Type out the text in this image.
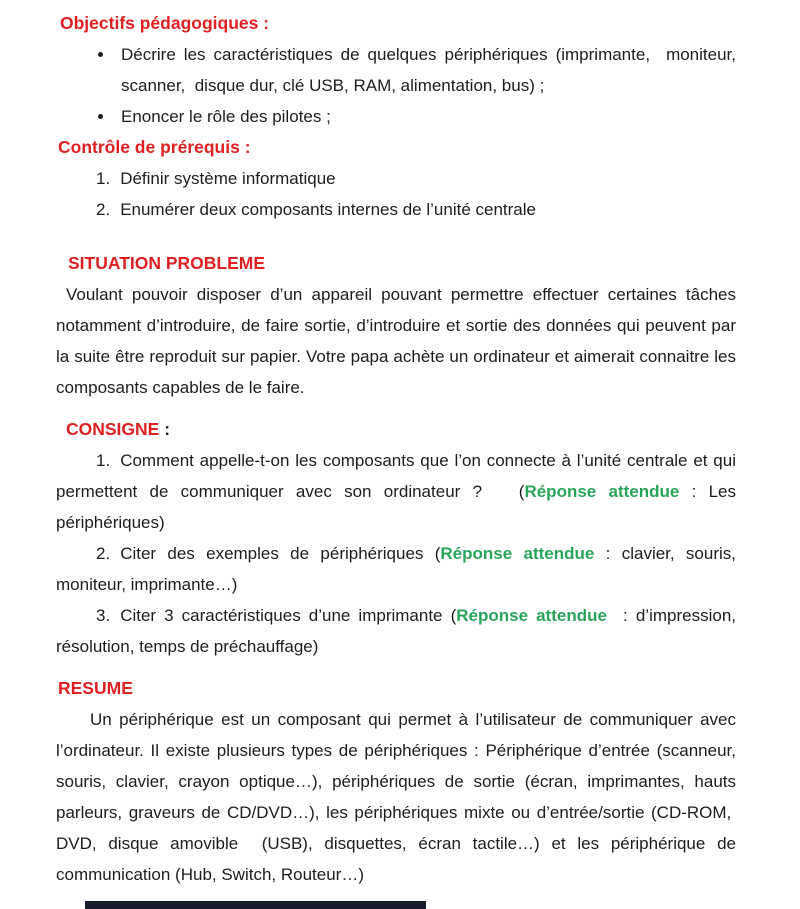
Objectifs pédagogiques :
• Décrire les caractéristiques de quelques périphériques (imprimante,  moniteur, scanner,  disque dur, clé USB, RAM, alimentation, bus) ;
• Enoncer le rôle des pilotes ;
Contrôle de prérequis :

1. Définir système informatique

2. Enumérer deux composants internes de l’unité centrale

SITUATION PROBLEME

Voulant pouvoir disposer d’un appareil pouvant permettre effectuer certaines tâches notamment d’introduire, de faire sortie, d’introduire et sortie des données qui peuvent par la suite être reproduit sur papier. Votre papa achète un ordinateur et aimerait connaitre les composants capables de le faire.

CONSIGNE :

1. Comment appelle-t-on les composants que l’on connecte à l’unité centrale et qui permettent de communiquer avec son ordinateur ?   (Réponse attendue : Les périphériques)

2. Citer des exemples de périphériques (Réponse attendue : clavier, souris, moniteur, imprimante…)

3. Citer 3 caractéristiques d’une imprimante (Réponse attendue  : d’impression, résolution, temps de préchauffage)

RESUME

Un périphérique est un composant qui permet à l’utilisateur de communiquer avec l’ordinateur. Il existe plusieurs types de périphériques : Périphérique d’entrée (scanneur, souris, clavier, crayon optique…), périphériques de sortie (écran, imprimantes, hauts parleurs, graveurs de CD/DVD…), les périphériques mixte ou d’entrée/sortie (CD-ROM,  DVD, disque amovible  (USB), disquettes, écran tactile…) et les périphérique de communication (Hub, Switch, Routeur…)
